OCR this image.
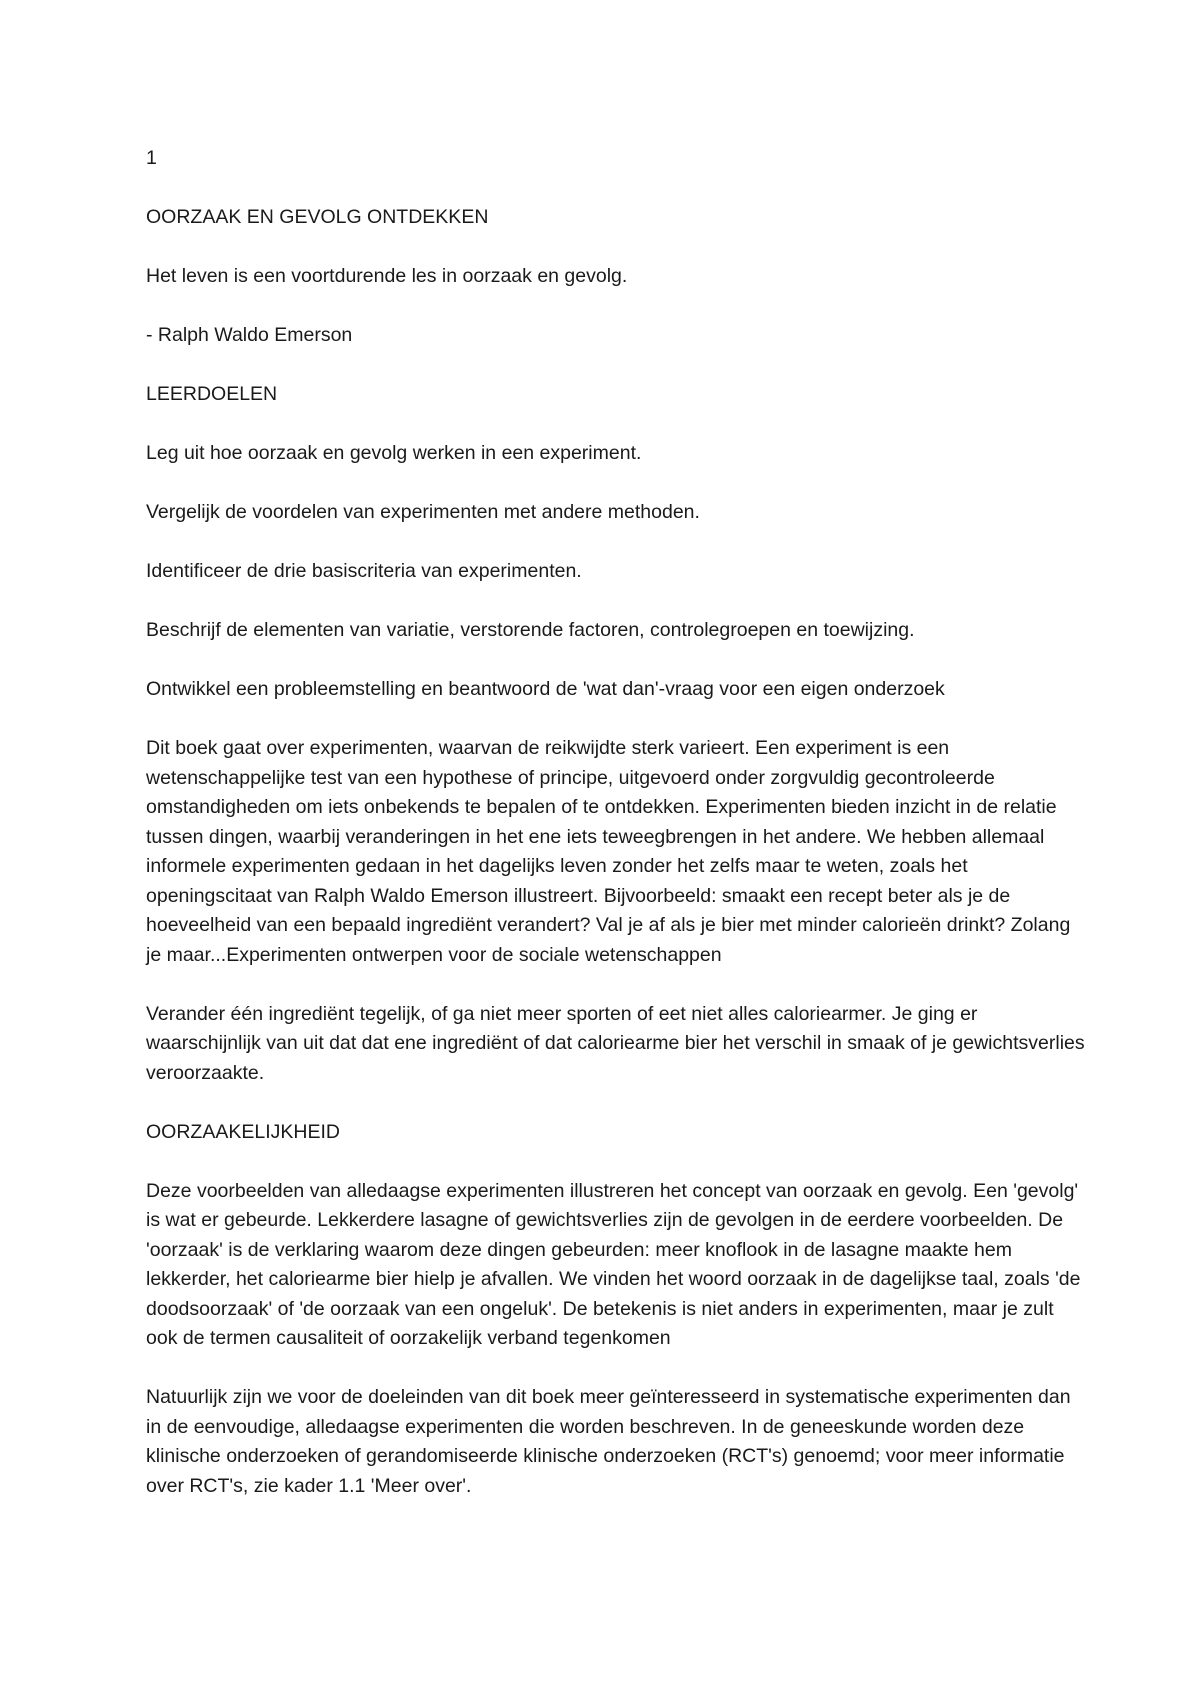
1

OORZAAK EN GEVOLG ONTDEKKEN

Het leven is een voortdurende les in oorzaak en gevolg.

- Ralph Waldo Emerson

LEERDOELEN

Leg uit hoe oorzaak en gevolg werken in een experiment.

Vergelijk de voordelen van experimenten met andere methoden.

Identificeer de drie basiscriteria van experimenten.

Beschrijf de elementen van variatie, verstorende factoren, controlegroepen en toewijzing.

Ontwikkel een probleemstelling en beantwoord de 'wat dan'-vraag voor een eigen onderzoek

Dit boek gaat over experimenten, waarvan de reikwijdte sterk varieert. Een experiment is een wetenschappelijke test van een hypothese of principe, uitgevoerd onder zorgvuldig gecontroleerde omstandigheden om iets onbekends te bepalen of te ontdekken. Experimenten bieden inzicht in de relatie tussen dingen, waarbij veranderingen in het ene iets teweegbrengen in het andere. We hebben allemaal informele experimenten gedaan in het dagelijks leven zonder het zelfs maar te weten, zoals het openingscitaat van Ralph Waldo Emerson illustreert. Bijvoorbeeld: smaakt een recept beter als je de hoeveelheid van een bepaald ingrediënt verandert? Val je af als je bier met minder calorieën drinkt? Zolang je maar...Experimenten ontwerpen voor de sociale wetenschappen

Verander één ingrediënt tegelijk, of ga niet meer sporten of eet niet alles caloriearmer. Je ging er waarschijnlijk van uit dat dat ene ingrediënt of dat caloriearme bier het verschil in smaak of je gewichtsverlies veroorzaakte.

OORZAAKELIJKHEID

Deze voorbeelden van alledaagse experimenten illustreren het concept van oorzaak en gevolg. Een 'gevolg' is wat er gebeurde. Lekkerdere lasagne of gewichtsverlies zijn de gevolgen in de eerdere voorbeelden. De 'oorzaak' is de verklaring waarom deze dingen gebeurden: meer knoflook in de lasagne maakte hem lekkerder, het caloriearme bier hielp je afvallen. We vinden het woord oorzaak in de dagelijkse taal, zoals 'de doodsoorzaak' of 'de oorzaak van een ongeluk'. De betekenis is niet anders in experimenten, maar je zult ook de termen causaliteit of oorzakelijk verband tegenkomen

Natuurlijk zijn we voor de doeleinden van dit boek meer geïnteresseerd in systematische experimenten dan in de eenvoudige, alledaagse experimenten die worden beschreven. In de geneeskunde worden deze klinische onderzoeken of gerandomiseerde klinische onderzoeken (RCT's) genoemd; voor meer informatie over RCT's, zie kader 1.1 'Meer over'.
